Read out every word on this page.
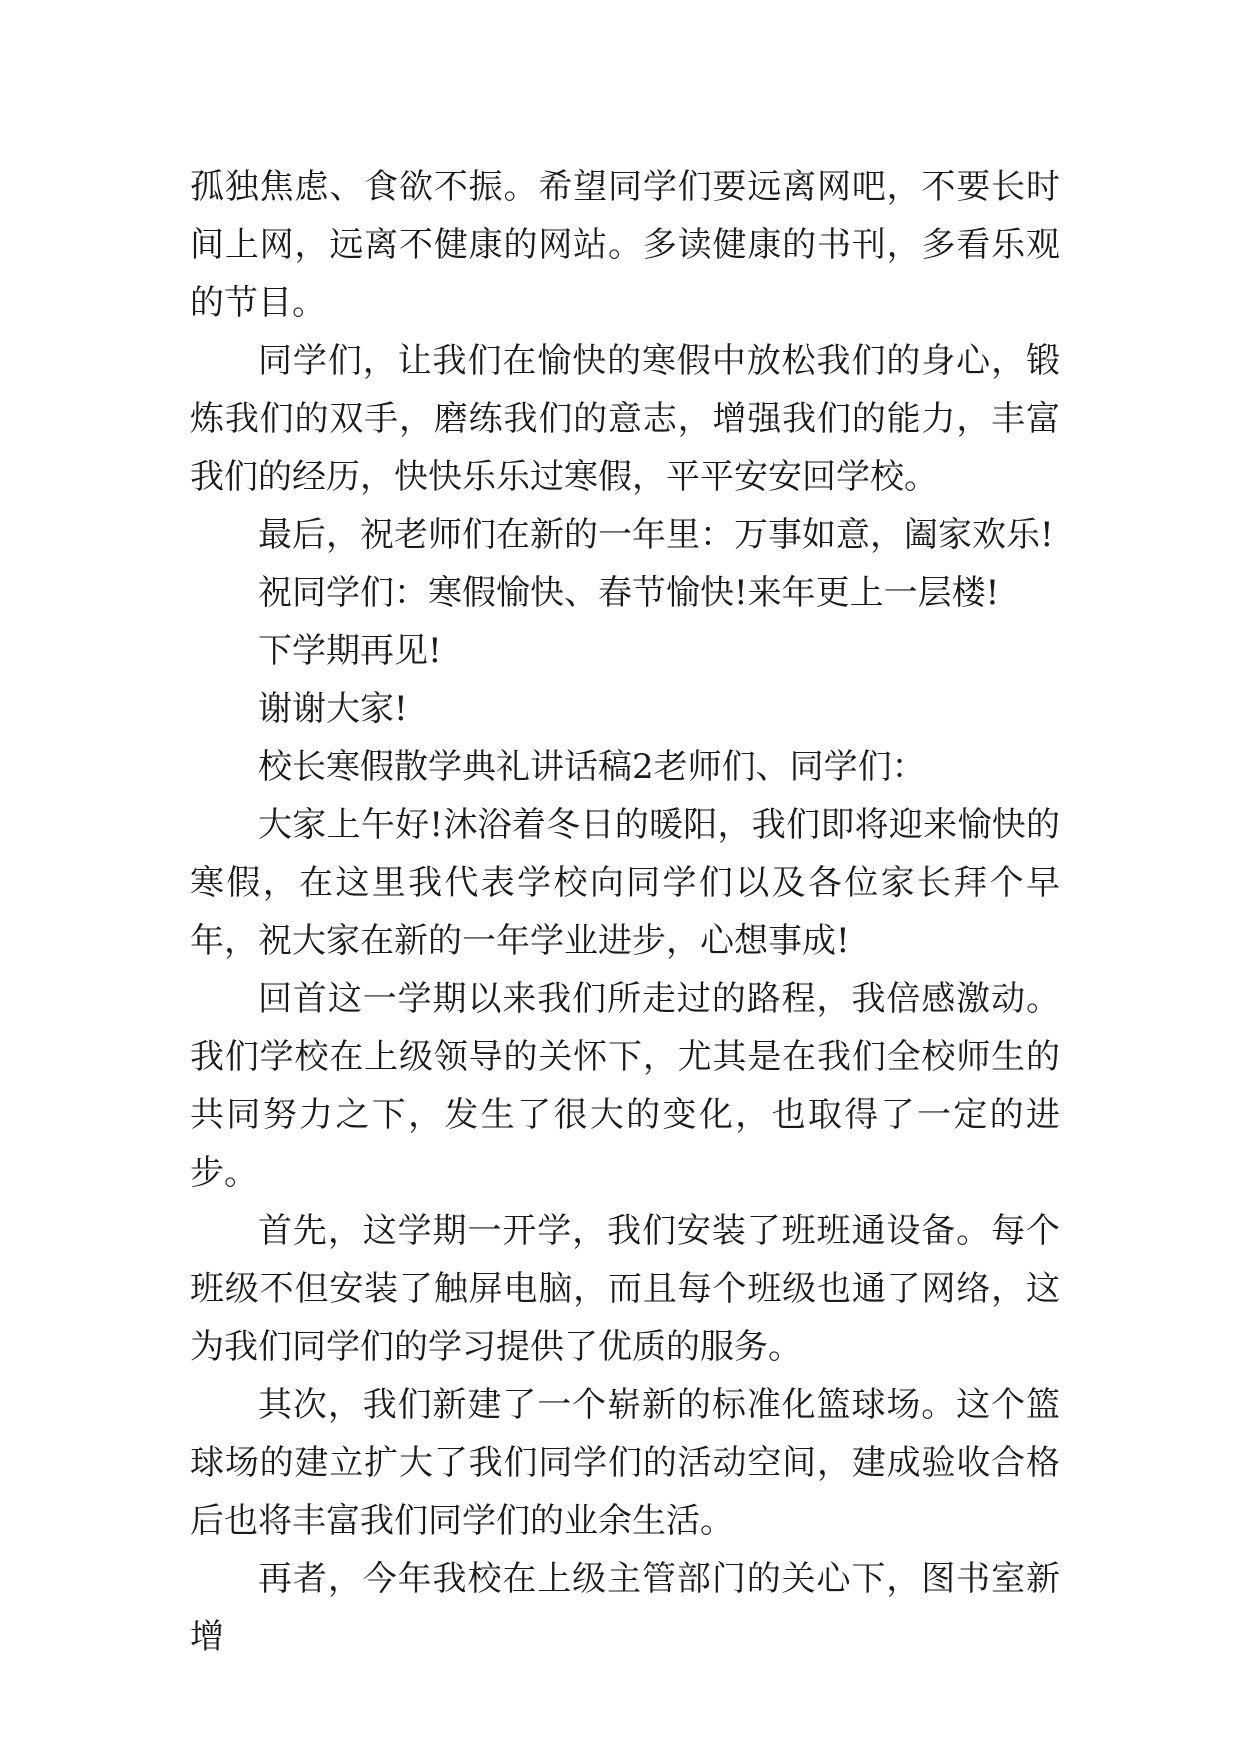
孤独焦虑、食欲不振。希望同学们要远离网吧，不要长时间上网，远离不健康的网站。多读健康的书刊，多看乐观的节目。

同学们，让我们在愉快的寒假中放松我们的身心，锻炼我们的双手，磨练我们的意志，增强我们的能力，丰富我们的经历，快快乐乐过寒假，平平安安回学校。

最后，祝老师们在新的一年里：万事如意，阖家欢乐!

祝同学们：寒假愉快、春节愉快!来年更上一层楼!

下学期再见!

谢谢大家!

校长寒假散学典礼讲话稿2老师们、同学们：

大家上午好!沐浴着冬日的暖阳，我们即将迎来愉快的寒假，在这里我代表学校向同学们以及各位家长拜个早年，祝大家在新的一年学业进步，心想事成!

回首这一学期以来我们所走过的路程，我倍感激动。我们学校在上级领导的关怀下，尤其是在我们全校师生的共同努力之下，发生了很大的变化，也取得了一定的进步。

首先，这学期一开学，我们安装了班班通设备。每个班级不但安装了触屏电脑，而且每个班级也通了网络，这为我们同学们的学习提供了优质的服务。

其次，我们新建了一个崭新的标准化篮球场。这个篮球场的建立扩大了我们同学们的活动空间，建成验收合格后也将丰富我们同学们的业余生活。

再者，今年我校在上级主管部门的关心下，图书室新增
